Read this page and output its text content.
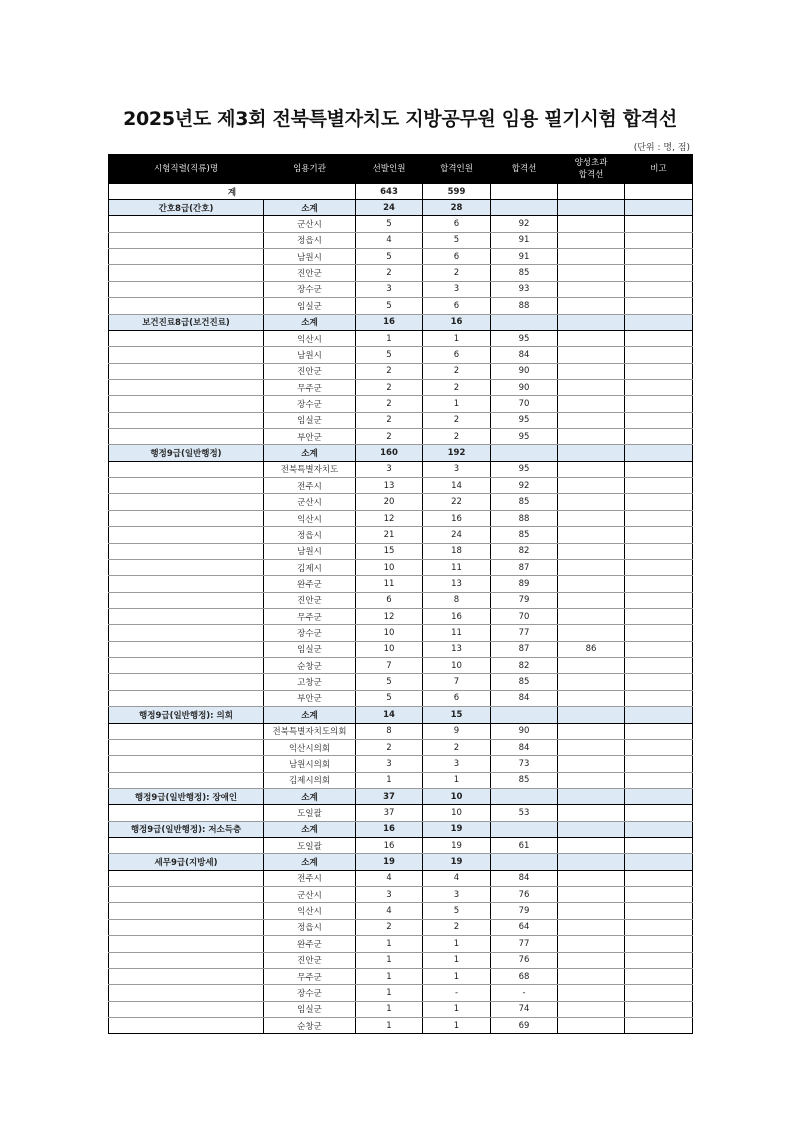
2025년도 제3회 전북특별자치도 지방공무원 임용 필기시험 합격선
(단위 : 명, 점)
시험직렬(직류)명	임용기관	선발인원	합격인원	합격선	양성초과
합격선	비고
계		643	599			
간호8급(간호)	소계	24	28			
	군산시	5	6	92		
	정읍시	4	5	91		
	남원시	5	6	91		
	진안군	2	2	85		
	장수군	3	3	93		
	임실군	5	6	88		
보건진료8급(보건진료)	소계	16	16			
	익산시	1	1	95		
	남원시	5	6	84		
	진안군	2	2	90		
	무주군	2	2	90		
	장수군	2	1	70		
	임실군	2	2	95		
	부안군	2	2	95		
행정9급(일반행정)	소계	160	192			
	전북특별자치도	3	3	95		
	전주시	13	14	92		
	군산시	20	22	85		
	익산시	12	16	88		
	정읍시	21	24	85		
	남원시	15	18	82		
	김제시	10	11	87		
	완주군	11	13	89		
	진안군	6	8	79		
	무주군	12	16	70		
	장수군	10	11	77		
	임실군	10	13	87	86	
	순창군	7	10	82		
	고창군	5	7	85		
	부안군	5	6	84		
행정9급(일반행정): 의회	소계	14	15			
	전북특별자치도의회	8	9	90		
	익산시의회	2	2	84		
	남원시의회	3	3	73		
	김제시의회	1	1	85		
행정9급(일반행정): 장애인	소계	37	10			
	도일괄	37	10	53		
행정9급(일반행정): 저소득층	소계	16	19			
	도일괄	16	19	61		
세무9급(지방세)	소계	19	19			
	전주시	4	4	84		
	군산시	3	3	76		
	익산시	4	5	79		
	정읍시	2	2	64		
	완주군	1	1	77		
	진안군	1	1	76		
	무주군	1	1	68		
	장수군	1	-	-		
	임실군	1	1	74		
	순창군	1	1	69		
